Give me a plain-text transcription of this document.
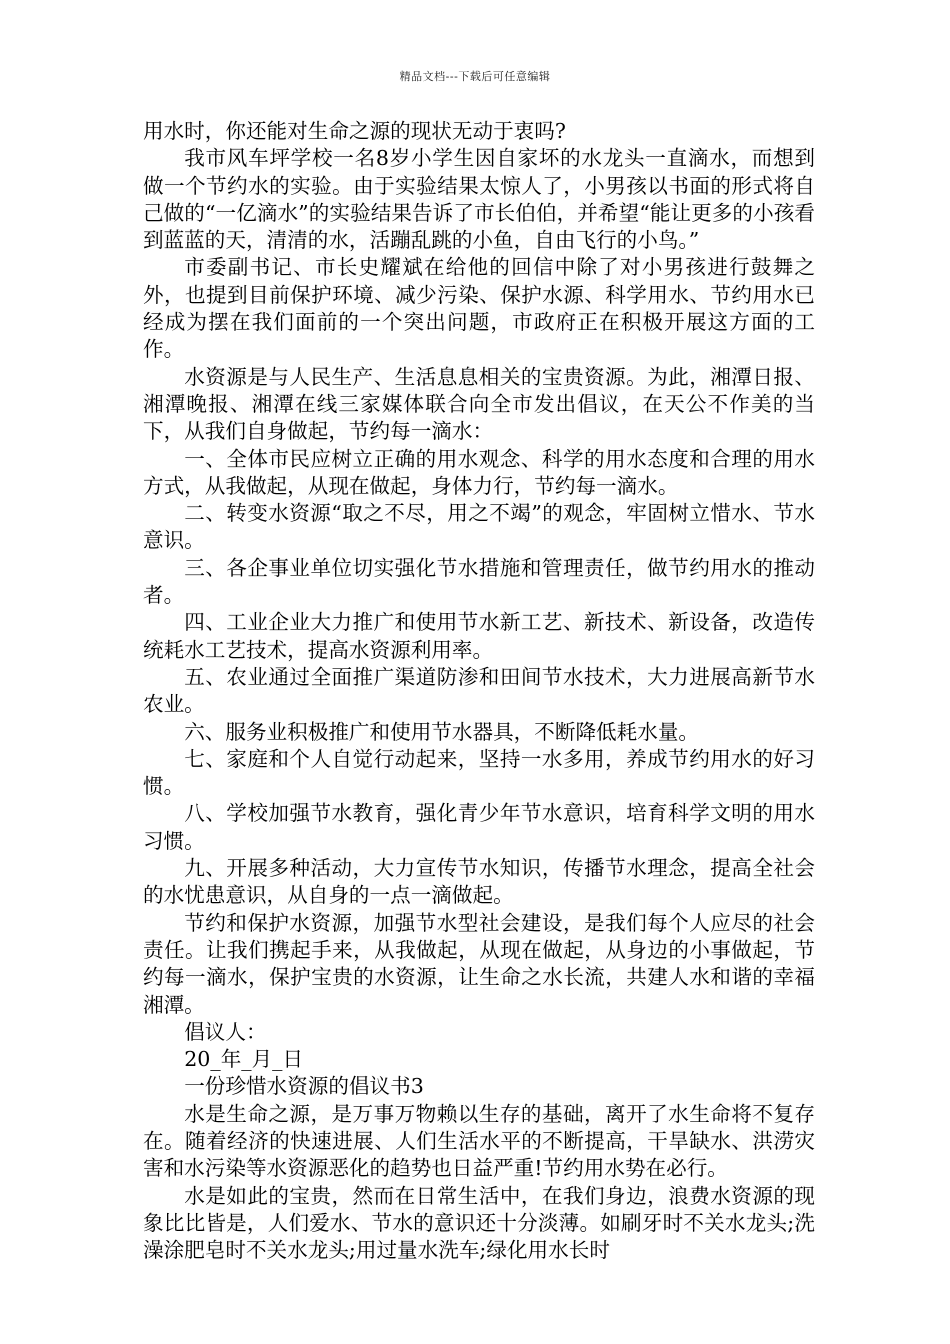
精品文档---下载后可任意编辑

用水时，你还能对生命之源的现状无动于衷吗?

我市风车坪学校一名8岁小学生因自家坏的水龙头一直滴水，而想到做一个节约水的实验。由于实验结果太惊人了，小男孩以书面的形式将自己做的“一亿滴水”的实验结果告诉了市长伯伯，并希望“能让更多的小孩看到蓝蓝的天，清清的水，活蹦乱跳的小鱼，自由飞行的小鸟。”

市委副书记、市长史耀斌在给他的回信中除了对小男孩进行鼓舞之外，也提到目前保护环境、减少污染、保护水源、科学用水、节约用水已经成为摆在我们面前的一个突出问题，市政府正在积极开展这方面的工作。

水资源是与人民生产、生活息息相关的宝贵资源。为此，湘潭日报、湘潭晚报、湘潭在线三家媒体联合向全市发出倡议，在天公不作美的当下，从我们自身做起，节约每一滴水：

一、全体市民应树立正确的用水观念、科学的用水态度和合理的用水方式，从我做起，从现在做起，身体力行，节约每一滴水。

二、转变水资源“取之不尽，用之不竭”的观念，牢固树立惜水、节水意识。

三、各企事业单位切实强化节水措施和管理责任，做节约用水的推动者。

四、工业企业大力推广和使用节水新工艺、新技术、新设备，改造传统耗水工艺技术，提高水资源利用率。

五、农业通过全面推广渠道防渗和田间节水技术，大力进展高新节水农业。

六、服务业积极推广和使用节水器具，不断降低耗水量。

七、家庭和个人自觉行动起来，坚持一水多用，养成节约用水的好习惯。

八、学校加强节水教育，强化青少年节水意识，培育科学文明的用水习惯。

九、开展多种活动，大力宣传节水知识，传播节水理念，提高全社会的水忧患意识，从自身的一点一滴做起。

节约和保护水资源，加强节水型社会建设，是我们每个人应尽的社会责任。让我们携起手来，从我做起，从现在做起，从身边的小事做起，节约每一滴水，保护宝贵的水资源，让生命之水长流，共建人水和谐的幸福湘潭。

倡议人：

20_年_月_日

一份珍惜水资源的倡议书3

水是生命之源，是万事万物赖以生存的基础，离开了水生命将不复存在。随着经济的快速进展、人们生活水平的不断提高，干旱缺水、洪涝灾害和水污染等水资源恶化的趋势也日益严重!节约用水势在必行。

水是如此的宝贵，然而在日常生活中，在我们身边，浪费水资源的现象比比皆是，人们爱水、节水的意识还十分淡薄。如刷牙时不关水龙头;洗澡涂肥皂时不关水龙头;用过量水洗车;绿化用水长时
